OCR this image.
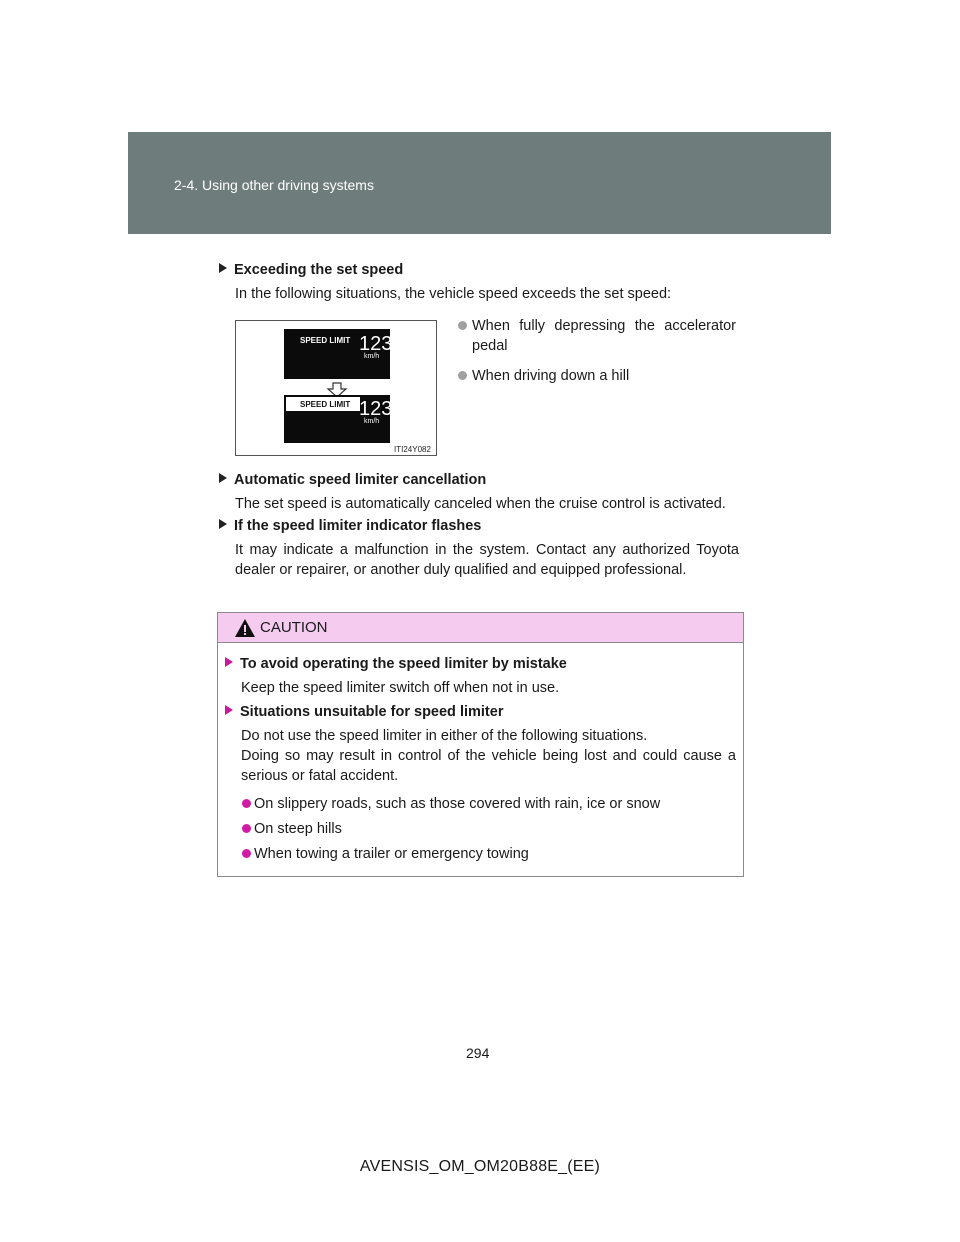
2-4. Using other driving systems
Exceeding the set speed
In the following situations, the vehicle speed exceeds the set speed:
SPEED LIMIT 123
km/h
SPEED LIMIT 123
km/h
ITI24Y082
When fully depressing the accelerator pedal
When driving down a hill
Automatic speed limiter cancellation
The set speed is automatically canceled when the cruise control is activated.
If the speed limiter indicator flashes
It may indicate a malfunction in the system. Contact any authorized Toyota dealer or repairer, or another duly qualified and equipped professional.
CAUTION
To avoid operating the speed limiter by mistake
Keep the speed limiter switch off when not in use.
Situations unsuitable for speed limiter
Do not use the speed limiter in either of the following situations.
Doing so may result in control of the vehicle being lost and could cause a serious or fatal accident.
On slippery roads, such as those covered with rain, ice or snow
On steep hills
When towing a trailer or emergency towing
294
AVENSIS_OM_OM20B88E_(EE)
